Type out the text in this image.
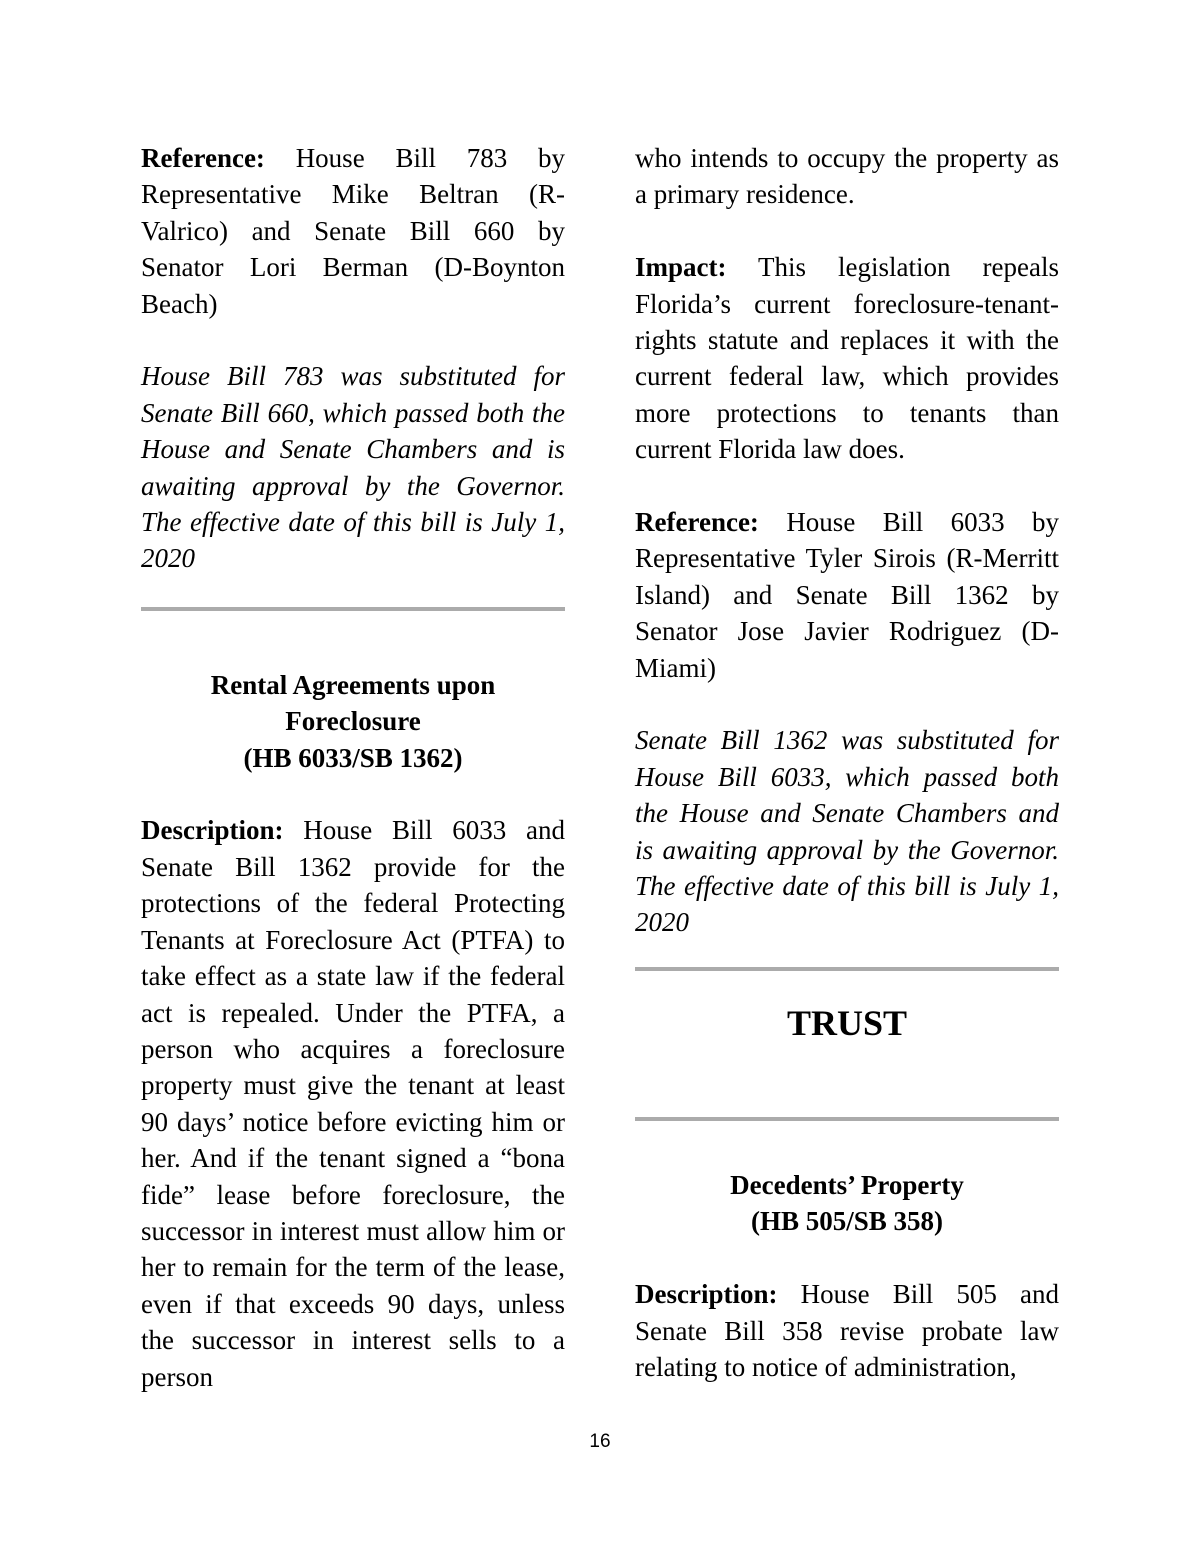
Reference: House Bill 783 by Representative Mike Beltran (R-Valrico) and Senate Bill 660 by Senator Lori Berman (D-Boynton Beach)

House Bill 783 was substituted for Senate Bill 660, which passed both the House and Senate Chambers and is awaiting approval by the Governor. The effective date of this bill is July 1, 2020

Rental Agreements upon
Foreclosure
(HB 6033/SB 1362)

Description: House Bill 6033 and Senate Bill 1362 provide for the protections of the federal Protecting Tenants at Foreclosure Act (PTFA) to take effect as a state law if the federal act is repealed. Under the PTFA, a person who acquires a foreclosure property must give the tenant at least 90 days’ notice before evicting him or her. And if the tenant signed a “bona fide” lease before foreclosure, the successor in interest must allow him or her to remain for the term of the lease, even if that exceeds 90 days, unless the successor in interest sells to a person

who intends to occupy the property as a primary residence.

Impact: This legislation repeals Florida’s current foreclosure-tenant-rights statute and replaces it with the current federal law, which provides more protections to tenants than current Florida law does.

Reference: House Bill 6033 by Representative Tyler Sirois (R-Merritt Island) and Senate Bill 1362 by Senator Jose Javier Rodriguez (D-Miami)

Senate Bill 1362 was substituted for House Bill 6033, which passed both the House and Senate Chambers and is awaiting approval by the Governor. The effective date of this bill is July 1, 2020

TRUST
Decedents’ Property
(HB 505/SB 358)

Description: House Bill 505 and Senate Bill 358 revise probate law relating to notice of administration,

16
